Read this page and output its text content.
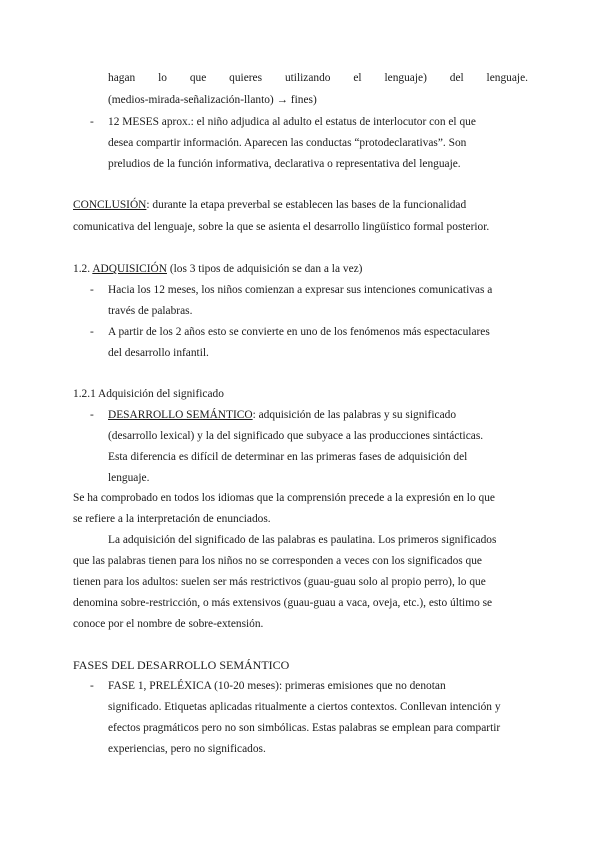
hagan lo que quieres utilizando el lenguaje) del lenguaje.
(medios-mirada-señalización-llanto) → fines)
- 12 MESES aprox.: el niño adjudica al adulto el estatus de interlocutor con el que
desea compartir información. Aparecen las conductas “protodeclarativas”. Son
preludios de la función informativa, declarativa o representativa del lenguaje.
CONCLUSIÓN: durante la etapa preverbal se establecen las bases de la funcionalidad
comunicativa del lenguaje, sobre la que se asienta el desarrollo lingüístico formal posterior.
1.2. ADQUISICIÓN (los 3 tipos de adquisición se dan a la vez)
- Hacia los 12 meses, los niños comienzan a expresar sus intenciones comunicativas a
través de palabras.
- A partir de los 2 años esto se convierte en uno de los fenómenos más espectaculares
del desarrollo infantil.
1.2.1 Adquisición del significado
- DESARROLLO SEMÁNTICO: adquisición de las palabras y su significado
(desarrollo lexical) y la del significado que subyace a las producciones sintácticas.
Esta diferencia es difícil de determinar en las primeras fases de adquisición del
lenguaje.
Se ha comprobado en todos los idiomas que la comprensión precede a la expresión en lo que
se refiere a la interpretación de enunciados.
La adquisición del significado de las palabras es paulatina. Los primeros significados
que las palabras tienen para los niños no se corresponden a veces con los significados que
tienen para los adultos: suelen ser más restrictivos (guau-guau solo al propio perro), lo que
denomina sobre-restricción, o más extensivos (guau-guau a vaca, oveja, etc.), esto último se
conoce por el nombre de sobre-extensión.
FASES DEL DESARROLLO SEMÁNTICO
- FASE 1, PRELÉXICA (10-20 meses): primeras emisiones que no denotan
significado. Etiquetas aplicadas ritualmente a ciertos contextos. Conllevan intención y
efectos pragmáticos pero no son simbólicas. Estas palabras se emplean para compartir
experiencias, pero no significados.
